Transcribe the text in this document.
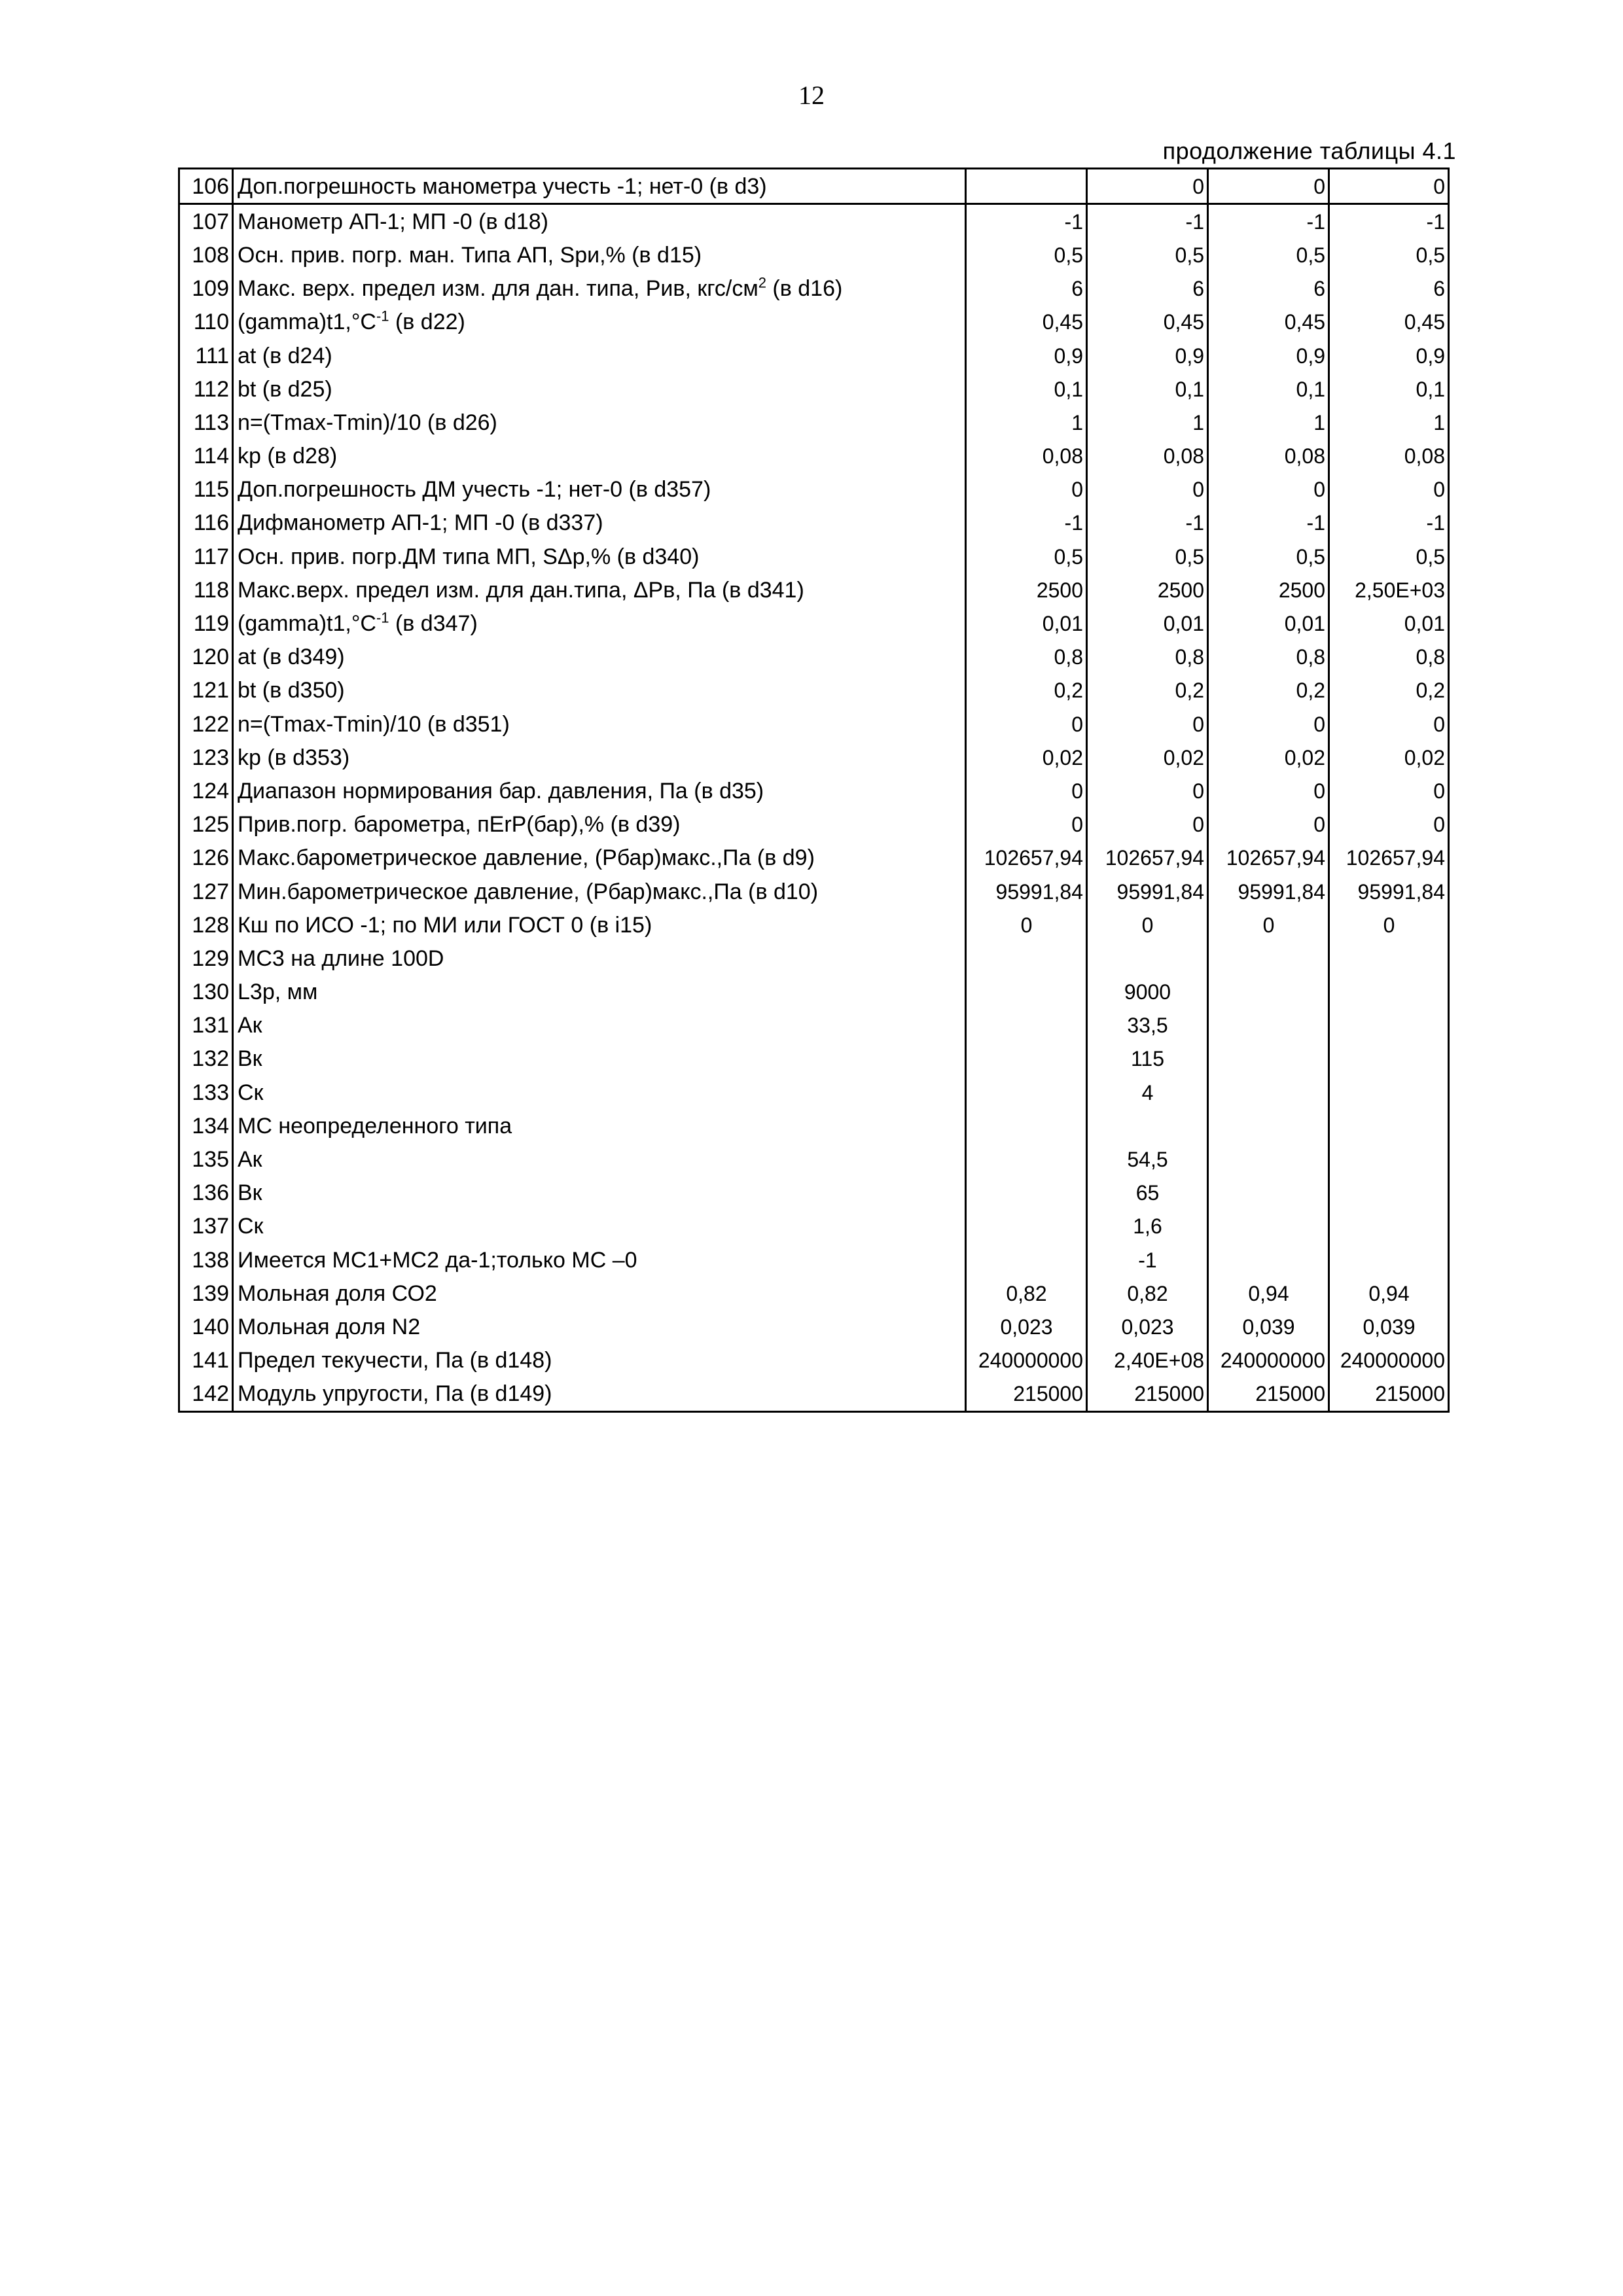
12
продолжение таблицы 4.1
106	Доп.погрешность манометра учесть -1; нет-0 (в d3)		0	0	0
107	Манометр АП-1; МП -0 (в d18)	-1	-1	-1	-1
108	Осн. прив. погр. ман. Типа АП, Spи,% (в d15)	0,5	0,5	0,5	0,5
109	Макс. верх. предел изм. для дан. типа, Рив, кгс/$см^2$ (в d16)	6	6	6	6
110	$(gamma)t1,^\circ C^{-1}$ (в d22)	0,45	0,45	0,45	0,45
111	at (в d24)	0,9	0,9	0,9	0,9
112	bt (в d25)	0,1	0,1	0,1	0,1
113	n=(Tmax-Tmin)/10 (в d26)	1	1	1	1
114	kp (в d28)	0,08	0,08	0,08	0,08
115	Доп.погрешность ДМ учесть -1; нет-0 (в d357)	0	0	0	0
116	Дифманометр АП-1; МП -0 (в d337)	-1	-1	-1	-1
117	Осн. прив. погр.ДМ типа МП, SΔp,% (в d340)	0,5	0,5	0,5	0,5
118	Макс.верх. предел изм. для дан.типа, ΔРв, Па (в d341)	2500	2500	2500	2,50E+03
119	$(gamma)t1,^\circ C^{-1}$ (в d347)	0,01	0,01	0,01	0,01
120	at (в d349)	0,8	0,8	0,8	0,8
121	bt (в d350)	0,2	0,2	0,2	0,2
122	n=(Tmax-Tmin)/10 (в d351)	0	0	0	0
123	kp (в d353)	0,02	0,02	0,02	0,02
124	Диапазон нормирования бар. давления, Па (в d35)	0	0	0	0
125	Прив.погр. барометра, пЕrР(бар),% (в d39)	0	0	0	0
126	Макс.барометрическое давление, (Рбар)макс.,Па (в d9)	102657,94	102657,94	102657,94	102657,94
127	Мин.барометрическое давление, (Рбар)макс.,Па (в d10)	95991,84	95991,84	95991,84	95991,84
128	Кш по ИСО -1; по МИ или ГОСТ 0 (в i15)	0	0	0	0
129	МС3 на длине 100D				
130	L3р, мм		9000		
131	Ак		33,5		
132	Вк		115		
133	Ск		4		
134	МС неопределенного типа				
135	Ак		54,5		
136	Вк		65		
137	Ск		1,6		
138	Имеется МС1+МС2 да-1;только МС –0		-1		
139	Мольная доля СО2	0,82	0,82	0,94	0,94
140	Мольная доля N2	0,023	0,023	0,039	0,039
141	Предел текучести, Па (в d148)	240000000	2,40E+08	240000000	240000000
142	Модуль упругости, Па (в d149)	215000	215000	215000	215000
